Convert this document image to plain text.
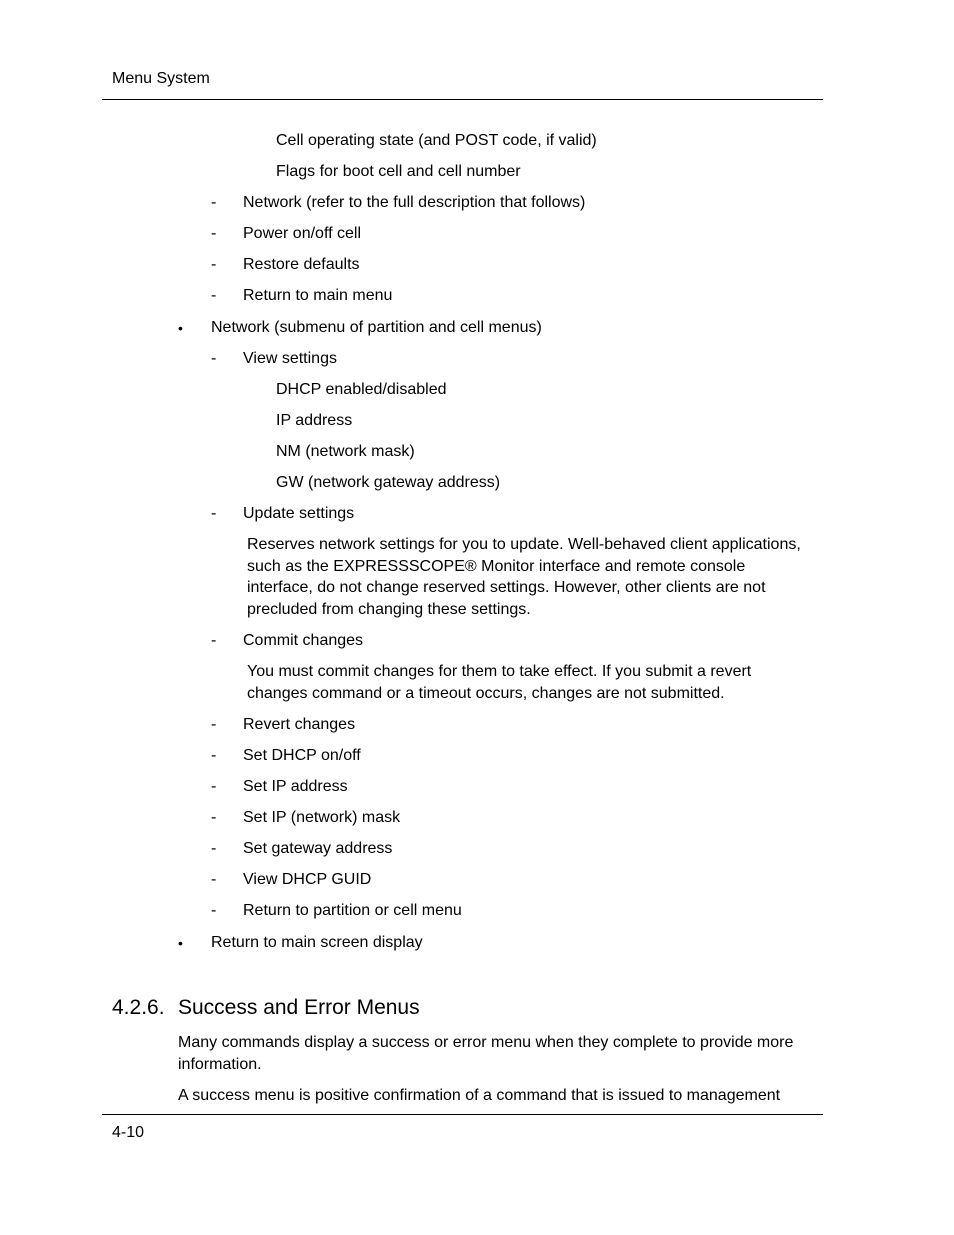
Menu System
Cell operating state (and POST code, if valid)
Flags for boot cell and cell number
- Network (refer to the full description that follows)
- Power on/off cell
- Restore defaults
- Return to main menu
• Network (submenu of partition and cell menus)
- View settings
DHCP enabled/disabled
IP address
NM (network mask)
GW (network gateway address)
- Update settings
Reserves network settings for you to update. Well-behaved client applications,
such as the EXPRESSSCOPE® Monitor interface and remote console
interface, do not change reserved settings. However, other clients are not
precluded from changing these settings.
- Commit changes
You must commit changes for them to take effect. If you submit a revert
changes command or a timeout occurs, changes are not submitted.
- Revert changes
- Set DHCP on/off
- Set IP address
- Set IP (network) mask
- Set gateway address
- View DHCP GUID
- Return to partition or cell menu
• Return to main screen display
4.2.6. Success and Error Menus
Many commands display a success or error menu when they complete to provide more
information.
A success menu is positive confirmation of a command that is issued to management
4-10
